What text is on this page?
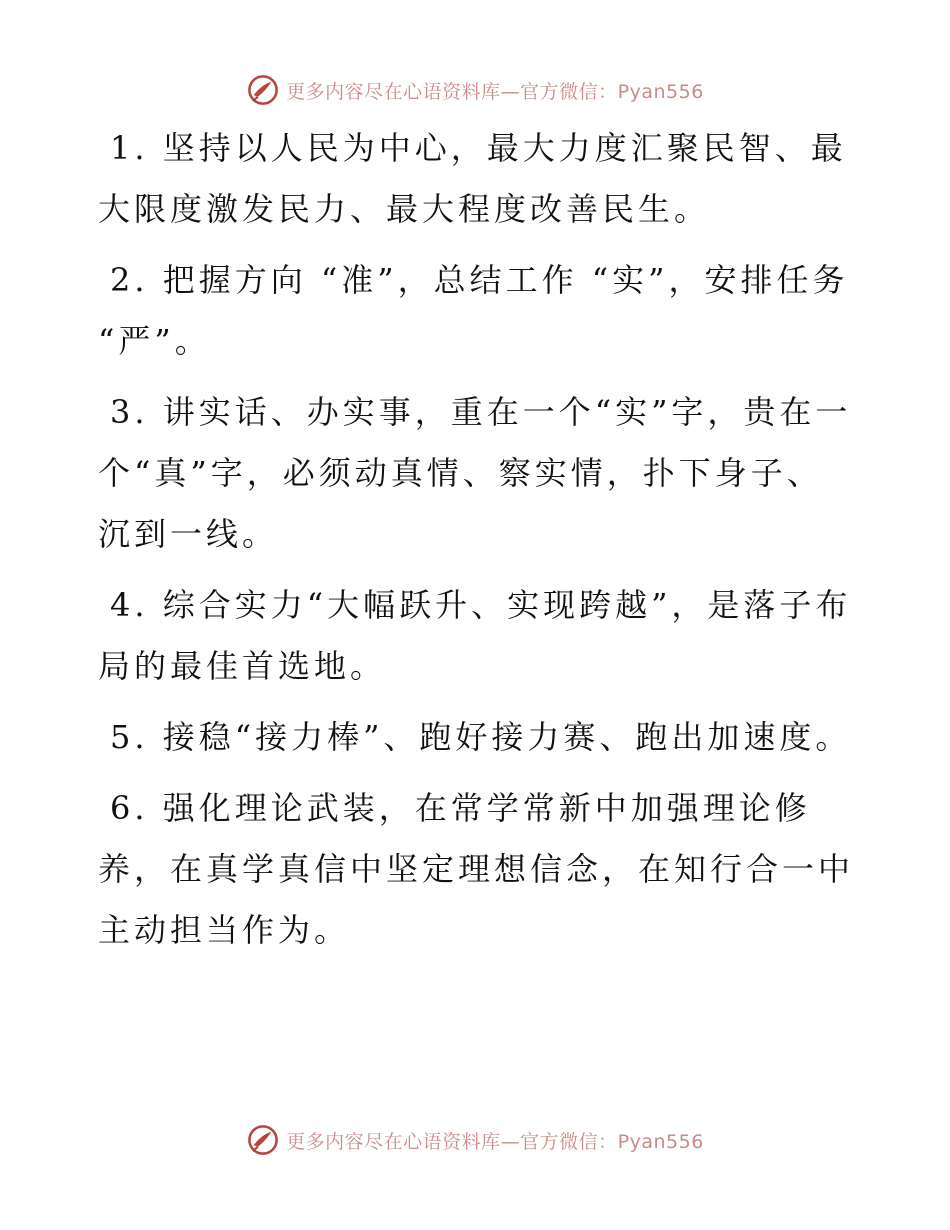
更多内容尽在心语资料库—官方微信：Pyan556

1. 坚持以人民为中心，最大力度汇聚民智、最大限度激发民力、最大程度改善民生。

2. 把握方向 “准”，总结工作 “实”，安排任务 “严”。

3. 讲实话、办实事，重在一个“实”字，贵在一个“真”字，必须动真情、察实情，扑下身子、沉到一线。

4. 综合实力“大幅跃升、实现跨越”，是落子布局的最佳首选地。

5. 接稳“接力棒”、跑好接力赛、跑出加速度。

6. 强化理论武装，在常学常新中加强理论修养，在真学真信中坚定理想信念，在知行合一中主动担当作为。

更多内容尽在心语资料库—官方微信：Pyan556
